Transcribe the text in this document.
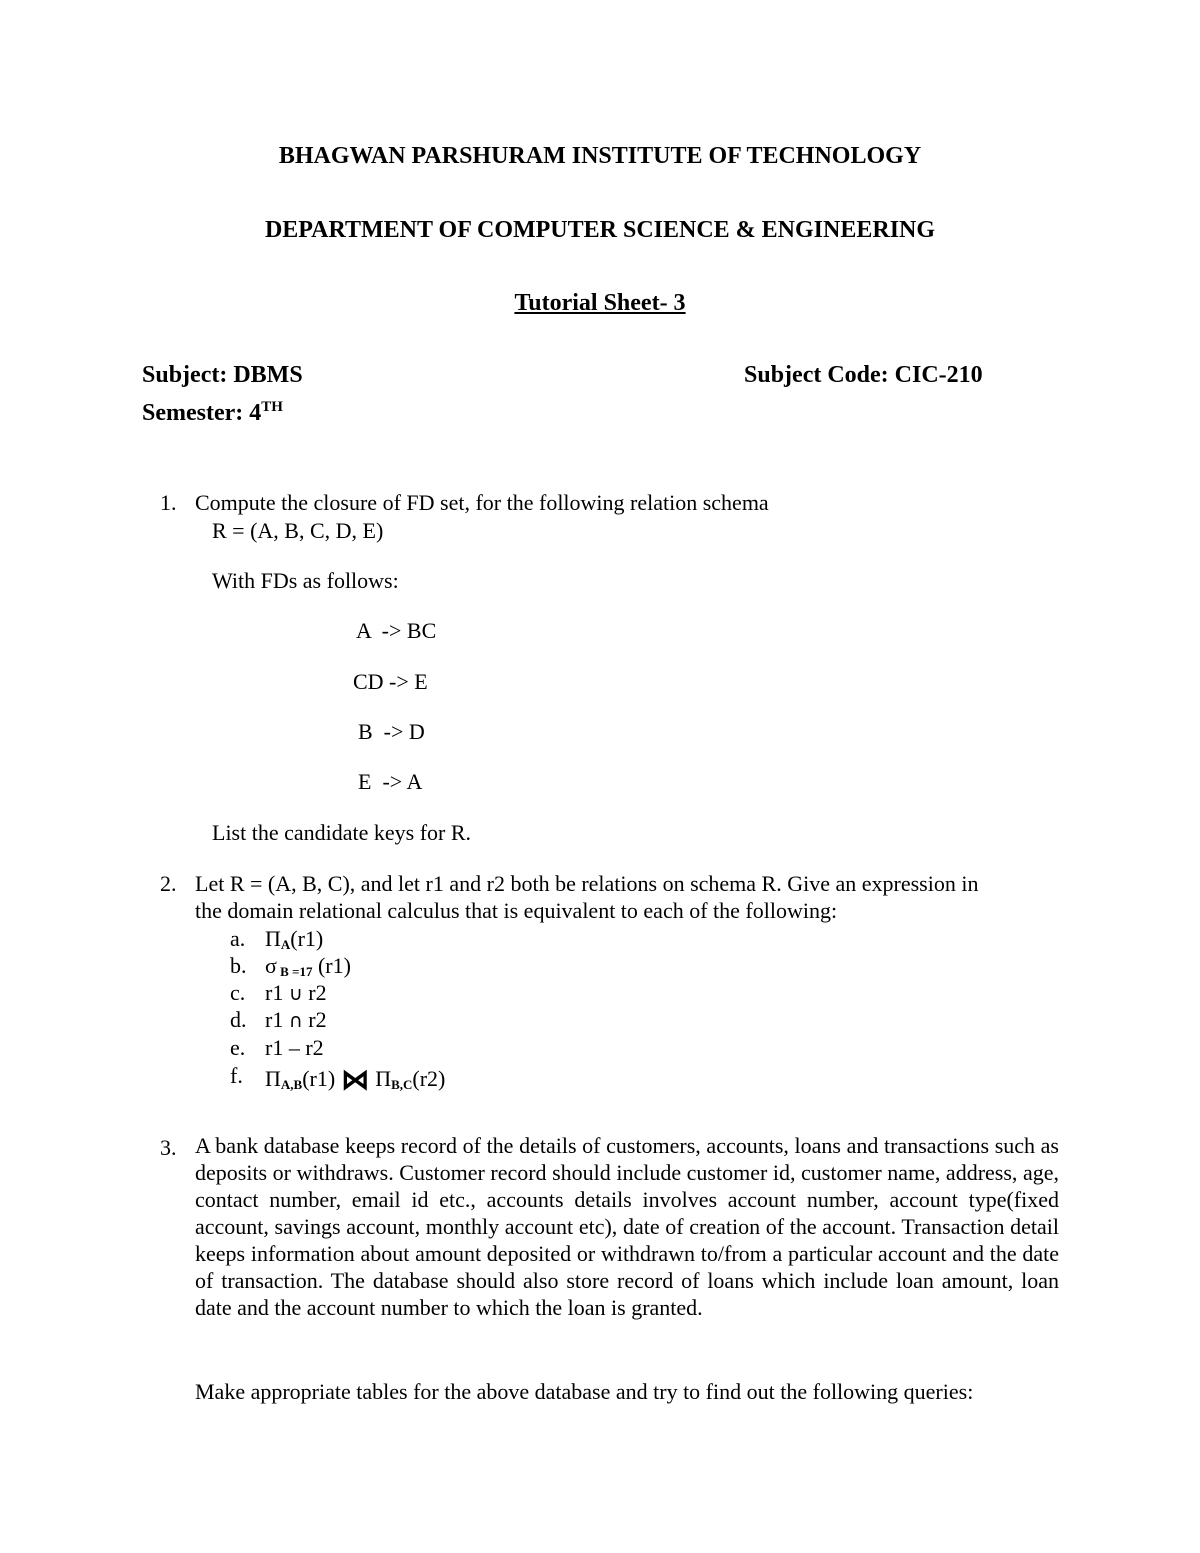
BHAGWAN PARSHURAM INSTITUTE OF TECHNOLOGY
DEPARTMENT OF COMPUTER SCIENCE & ENGINEERING
Tutorial Sheet- 3
Subject: DBMS	Subject Code: CIC-210
Semester: 4TH
1. Compute the closure of FD set, for the following relation schema
R = (A, B, C, D, E)
With FDs as follows:
A  -> BC
CD -> E
B  -> D
E  -> A
List the candidate keys for R.
2. Let R = (A, B, C), and let r1 and r2 both be relations on schema R. Give an expression in
the domain relational calculus that is equivalent to each of the following:
a. $\Pi_A(r1)$
b. σ $_{B =17}$ (r1)
c. r1 ∪ r2
d. r1 ∩ r2
e. r1 – r2
f. $\Pi_{A,B}(r1)$ ⋈ $\Pi_{B,C}(r2)$
3. A bank database keeps record of the details of customers, accounts, loans and transactions such as deposits or withdraws. Customer record should include customer id, customer name, address, age, contact number, email id etc., accounts details involves account number, account type(fixed account, savings account, monthly account etc), date of creation of the account. Transaction detail keeps information about amount deposited or withdrawn to/from a particular account and the date of transaction. The database should also store record of loans which include loan amount, loan date and the account number to which the loan is granted.
Make appropriate tables for the above database and try to find out the following queries:
